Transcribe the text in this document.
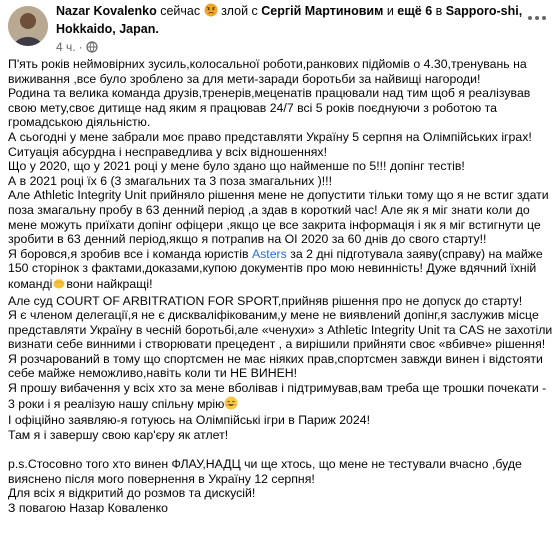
Nazar Kovalenko сейчас злой с Сергій Мартиновим и ещё 6 в Sapporo-shi, Hokkaido, Japan.
4 ч. ·

П'ять років неймовірних зусиль,колосальної роботи,ранкових підйомів о 4.30,тренувань на виживання ,все було зроблено за для мети-заради боротьби за найвищі нагороди!

Родина та велика команда друзів,тренерів,меценатів працювали над тим щоб я реалізував свою мету,своє дитище над яким я працював 24/7 всі 5 років поєднуючи з роботою та громадською діяльністю.

А сьогодні у мене забрали моє право представляти Україну 5 серпня на Олімпійських іграх!

Ситуація абсурдна і несправедлива у всіх відношеннях!

Що у 2020, що у 2021 році у мене було здано що найменше по 5!!! допінг тестів!

А в 2021 році їх 6 (3 змагальних та 3 поза змагальних )!!!

Але Athletic Integrity Unit прийняло рішення мене не допустити тільки тому що я не встиг здати поза змагальну пробу в 63 денний період ,а здав в короткий час! Але як я міг знати коли до мене можуть приїхати допінг офіцери ,якщо це все закрита інформація і як я міг встигнути це зробити в 63 денний період,якщо я потрапив на ОІ 2020 за 60 днів до свого старту!!

Я боровся,я зробив все і команда юристів Asters за 2 дні підготувала заяву(справу) на майже 150 сторінок з фактами,доказами,купою документів про мою невинність! Дуже вдячний їхній команді вони найкращі!

Але суд COURT OF ARBITRATION FOR SPORT,прийняв рішення про не допуск до старту!

Я є членом делегації,я не є дискваліфікованим,у мене не виявлений допінг,я заслужив місце представляти Україну в чесній боротьбі,але «ченухи» з Athletic Integrity Unit та CAS не захотіли визнати себе винними і створювати прецедент , а вирішили прийняти своє «вбивче» рішення!

Я розчарований в тому що спортсмен не має ніяких прав,спортсмен завжди винен і відстояти себе майже неможливо,навіть коли ти НЕ ВИНЕН!

Я прошу вибачення у всіх хто за мене вболівав і підтримував,вам треба ще трошки почекати - 3 роки і я реалізую нашу спільну мрію

І офіційно заявляю-я готуюсь на Олімпійські ігри в Париж 2024!

Там я і завершу свою кар'єру як атлет!

p.s.Стосовно того хто винен ФЛАУ,НАДЦ чи ще хтось, що мене не тестували вчасно ,буде вияснено після мого повернення в Україну 12 серпня!

Для всіх я відкритий до розмов та дискусій!

З повагою Назар Коваленко
